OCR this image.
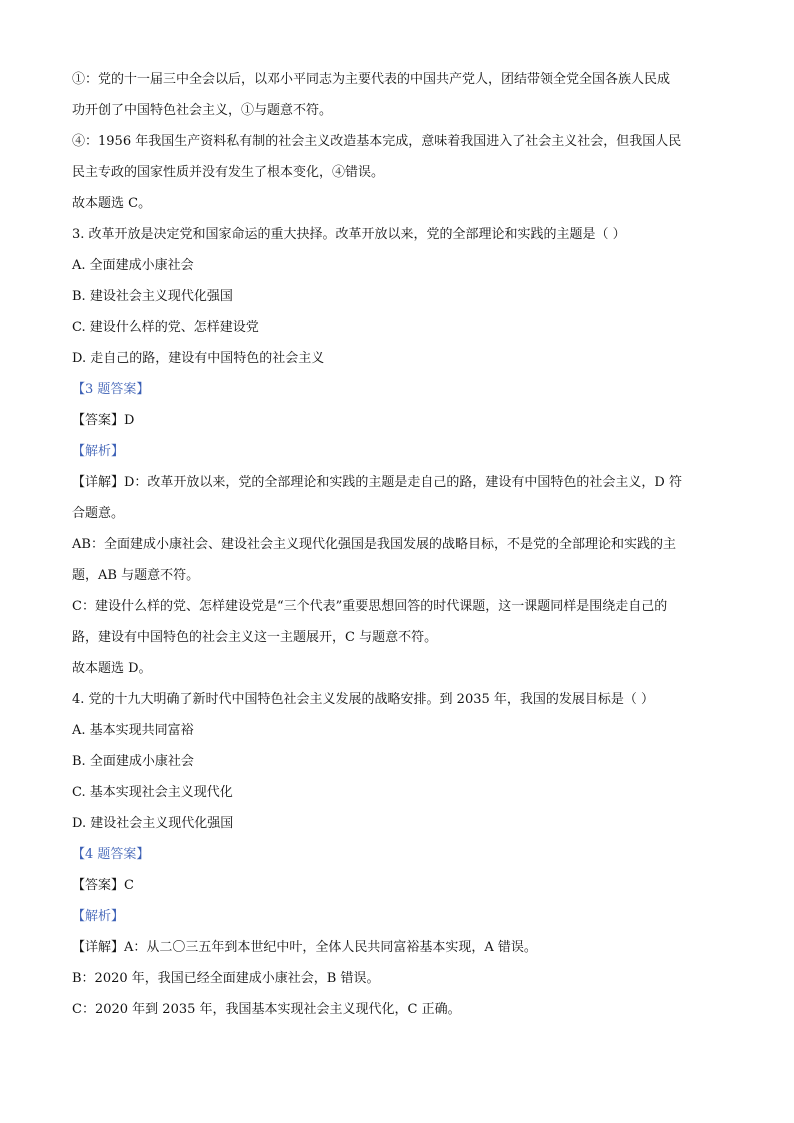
①：党的十一届三中全会以后，以邓小平同志为主要代表的中国共产党人，团结带领全党全国各族人民成
功开创了中国特色社会主义，①与题意不符。
④：1956 年我国生产资料私有制的社会主义改造基本完成，意味着我国进入了社会主义社会，但我国人民
民主专政的国家性质并没有发生了根本变化，④错误。
故本题选 C。
3. 改革开放是决定党和国家命运的重大抉择。改革开放以来，党的全部理论和实践的主题是（ ）
A. 全面建成小康社会
B. 建设社会主义现代化强国
C. 建设什么样的党、怎样建设党
D. 走自己的路，建设有中国特色的社会主义
【3 题答案】
【答案】D
【解析】
【详解】D：改革开放以来，党的全部理论和实践的主题是走自己的路，建设有中国特色的社会主义，D 符
合题意。
AB：全面建成小康社会、建设社会主义现代化强国是我国发展的战略目标，不是党的全部理论和实践的主
题，AB 与题意不符。
C：建设什么样的党、怎样建设党是“三个代表”重要思想回答的时代课题，这一课题同样是围绕走自己的
路，建设有中国特色的社会主义这一主题展开，C 与题意不符。
故本题选 D。
4. 党的十九大明确了新时代中国特色社会主义发展的战略安排。到 2035 年，我国的发展目标是（ ）
A. 基本实现共同富裕
B. 全面建成小康社会
C. 基本实现社会主义现代化
D. 建设社会主义现代化强国
【4 题答案】
【答案】C
【解析】
【详解】A：从二〇三五年到本世纪中叶，全体人民共同富裕基本实现，A 错误。
B：2020 年，我国已经全面建成小康社会，B 错误。
C：2020 年到 2035 年，我国基本实现社会主义现代化，C 正确。
